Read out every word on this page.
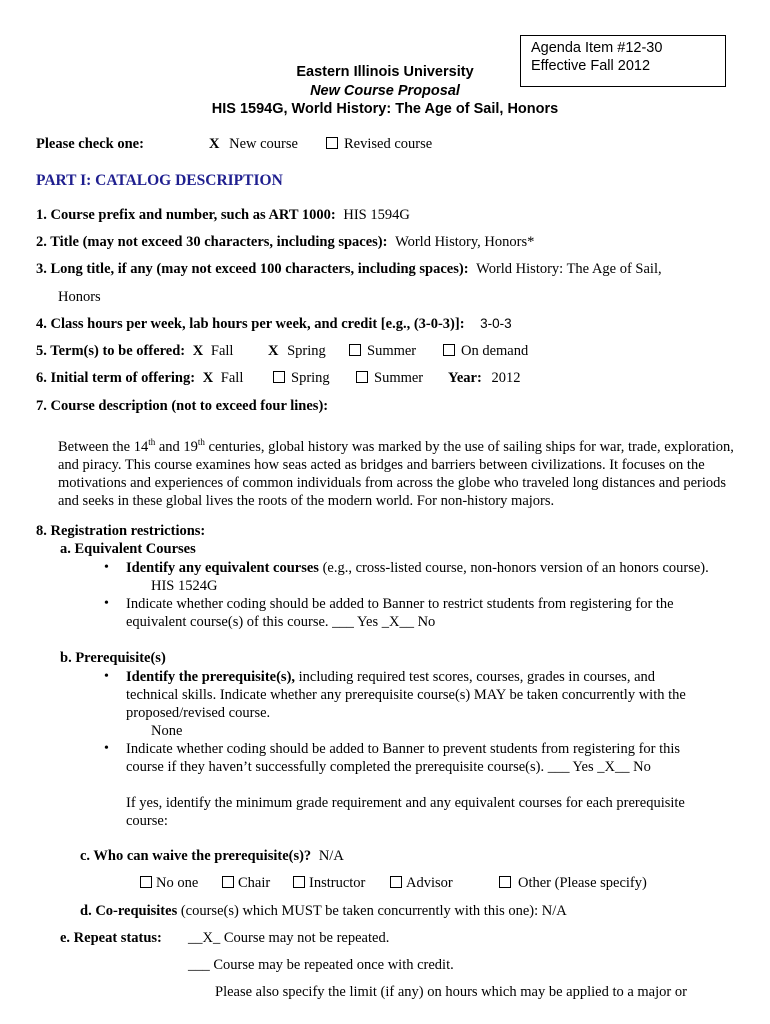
Agenda Item #12-30
Effective Fall 2012
Eastern Illinois University
New Course Proposal
HIS 1594G, World History: The Age of Sail, Honors
Please check one:	X New course	Revised course
PART I: CATALOG DESCRIPTION
1. Course prefix and number, such as ART 1000: HIS 1594G
2. Title (may not exceed 30 characters, including spaces): World History, Honors*
3. Long title, if any (may not exceed 100 characters, including spaces): World History: The Age of Sail,
Honors
4. Class hours per week, lab hours per week, and credit [e.g., (3-0-3)]: 3-0-3
5. Term(s) to be offered: X Fall X Spring	Summer	On demand
6. Initial term of offering: X Fall	Spring	Summer Year: 2012
7. Course description (not to exceed four lines):
Between the 14th and 19th centuries, global history was marked by the use of sailing ships for war, trade, exploration, and piracy. This course examines how seas acted as bridges and barriers between civilizations. It focuses on the motivations and experiences of common individuals from across the globe who traveled long distances and periods and seeks in these global lives the roots of the modern world. For non-history majors.
8. Registration restrictions:
a. Equivalent Courses
• Identify any equivalent courses (e.g., cross-listed course, non-honors version of an honors course).
HIS 1524G
• Indicate whether coding should be added to Banner to restrict students from registering for the
equivalent course(s) of this course. ___ Yes _X__ No
b. Prerequisite(s)
• Identify the prerequisite(s), including required test scores, courses, grades in courses, and
technical skills. Indicate whether any prerequisite course(s) MAY be taken concurrently with the
proposed/revised course.
None
• Indicate whether coding should be added to Banner to prevent students from registering for this
course if they haven’t successfully completed the prerequisite course(s). ___ Yes _X__ No
If yes, identify the minimum grade requirement and any equivalent courses for each prerequisite
course:
c. Who can waive the prerequisite(s)? N/A
No one	Chair	Instructor	Advisor	Other (Please specify)
d. Co-requisites (course(s) which MUST be taken concurrently with this one): N/A
e. Repeat status: __X_ Course may not be repeated.
___ Course may be repeated once with credit.
Please also specify the limit (if any) on hours which may be applied to a major or
